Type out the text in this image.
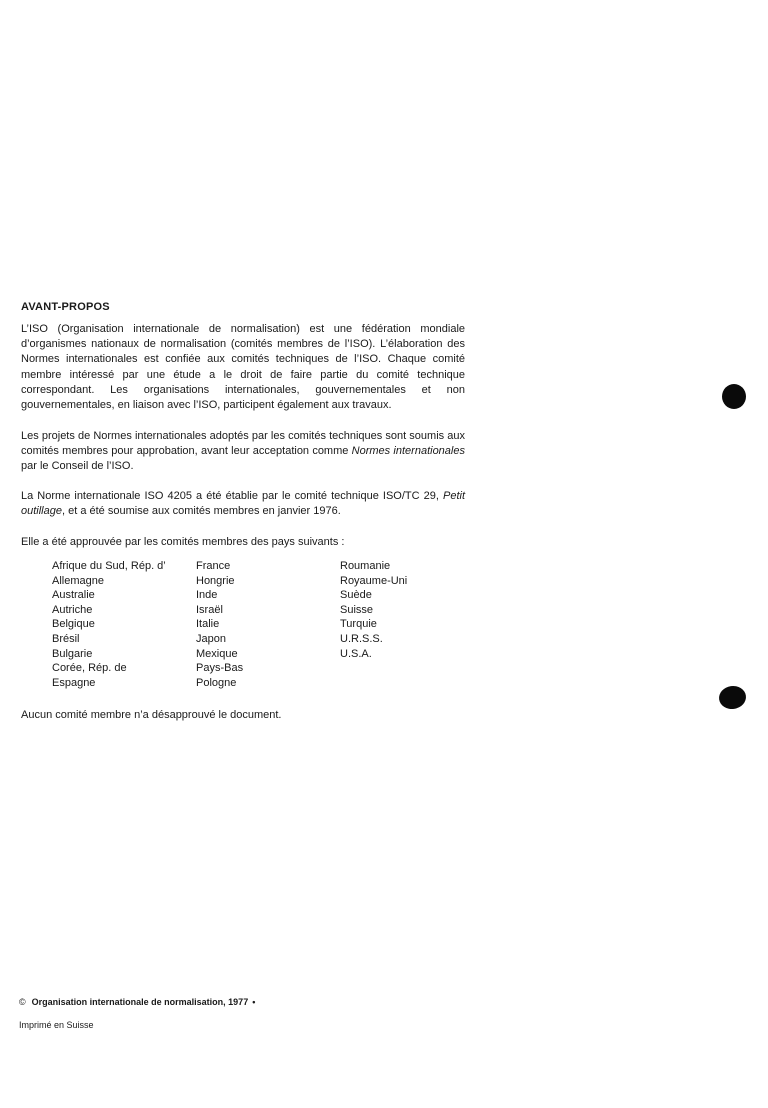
AVANT-PROPOS
L’ISO (Organisation internationale de normalisation) est une fédération mondiale d’organismes nationaux de normalisation (comités membres de l’ISO). L’élaboration des Normes internationales est confiée aux comités techniques de l’ISO. Chaque comité membre intéressé par une étude a le droit de faire partie du comité technique correspondant. Les organisations internationales, gouvernementales et non gouvernementales, en liaison avec l’ISO, participent également aux travaux.
Les projets de Normes internationales adoptés par les comités techniques sont soumis aux comités membres pour approbation, avant leur acceptation comme Normes internationales par le Conseil de l’ISO.
La Norme internationale ISO 4205 a été établie par le comité technique ISO/TC 29, Petit outillage, et a été soumise aux comités membres en janvier 1976.
Elle a été approuvée par les comités membres des pays suivants :
Afrique du Sud, Rép. d’
Allemagne
Australie
Autriche
Belgique
Brésil
Bulgarie
Corée, Rép. de
Espagne
France
Hongrie
Inde
Israël
Italie
Japon
Mexique
Pays-Bas
Pologne
Roumanie
Royaume-Uni
Suède
Suisse
Turquie
U.R.S.S.
U.S.A.
Aucun comité membre n’a désapprouvé le document.
© Organisation internationale de normalisation, 1977 •
Imprimé en Suisse
